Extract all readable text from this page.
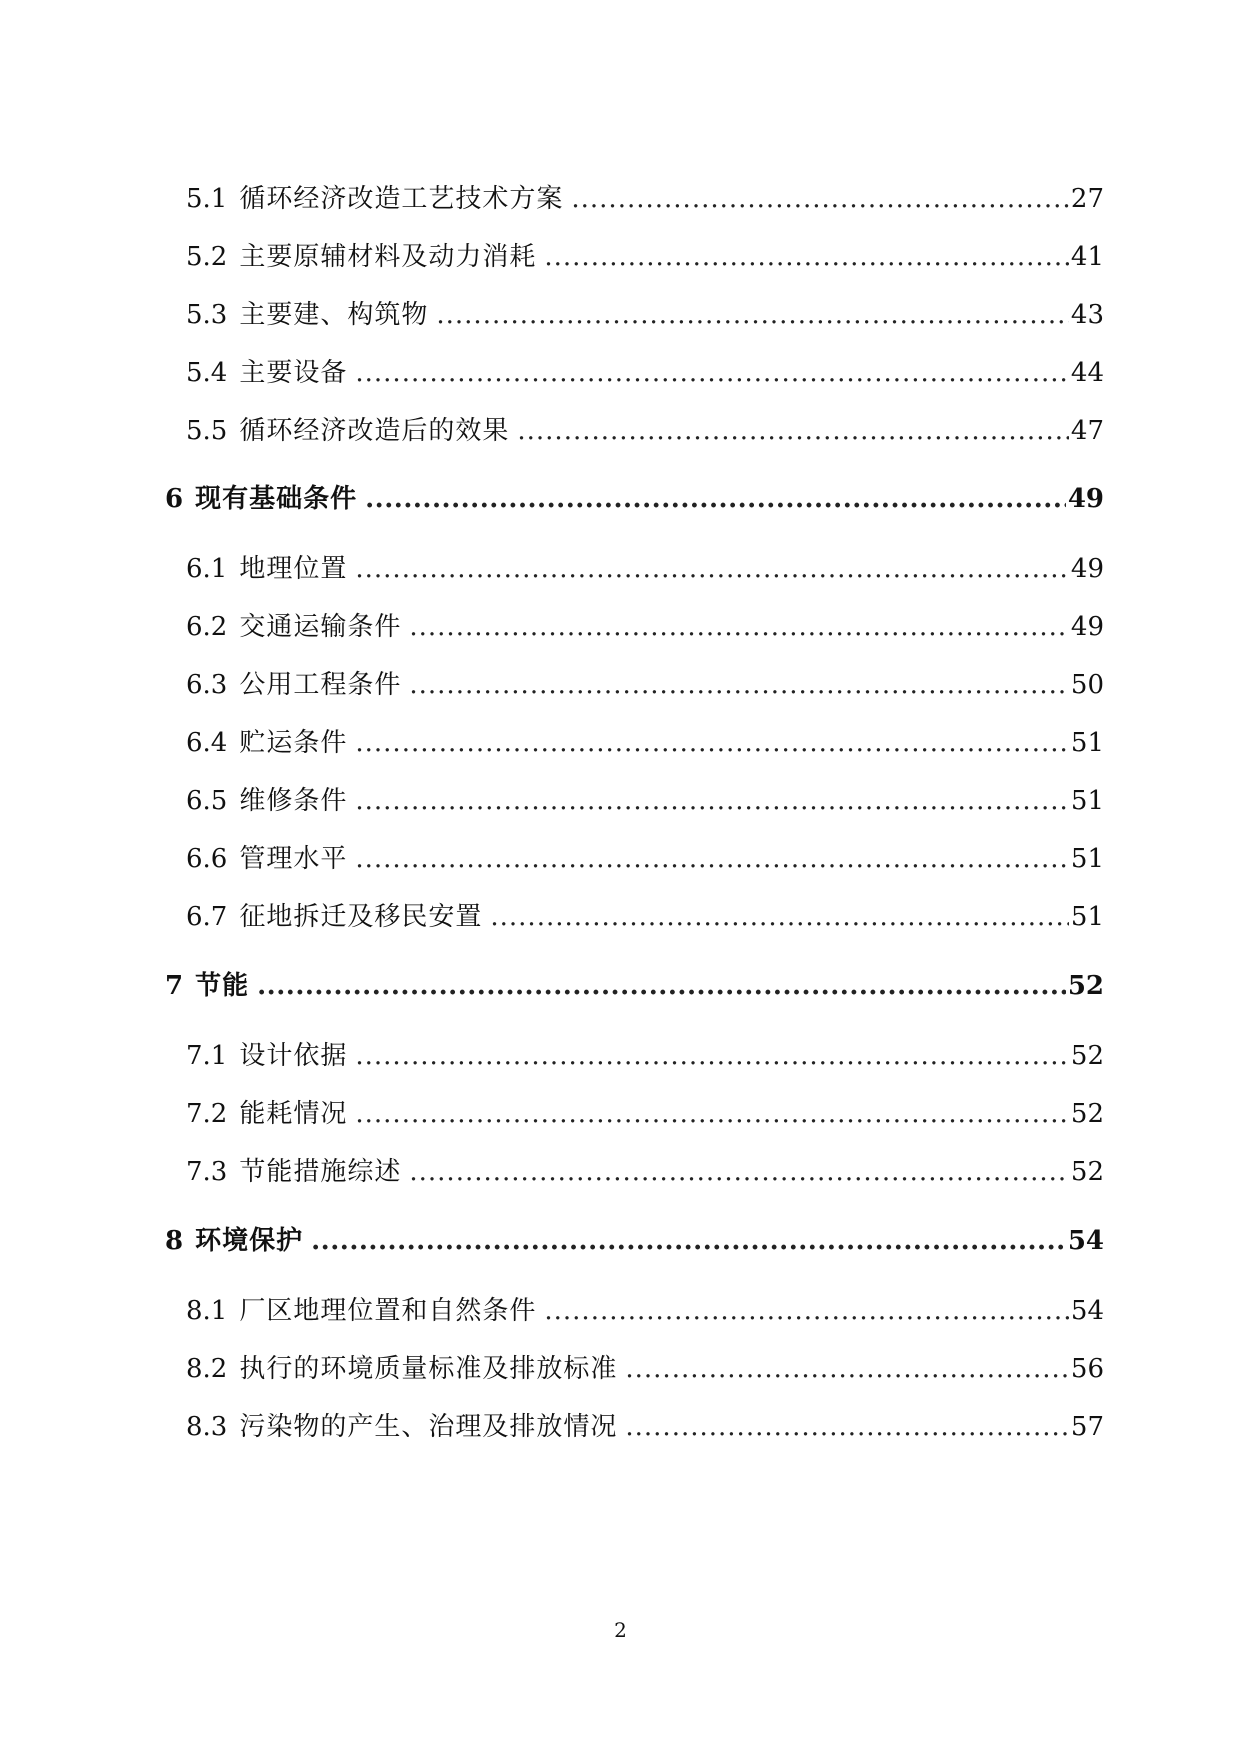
5.1 循环经济改造工艺技术方案 .....	27
5.2 主要原辅材料及动力消耗 .....	41
5.3 主要建、构筑物 .....	43
5.4 主要设备 .....	44
5.5 循环经济改造后的效果 .....	47
6 现有基础条件 .....	49
6.1 地理位置 .....	49
6.2 交通运输条件 .....	49
6.3 公用工程条件 .....	50
6.4 贮运条件 .....	51
6.5 维修条件 .....	51
6.6 管理水平 .....	51
6.7 征地拆迁及移民安置 .....	51
7 节能 .....	52
7.1 设计依据 .....	52
7.2 能耗情况 .....	52
7.3 节能措施综述 .....	52
8 环境保护 .....	54
8.1 厂区地理位置和自然条件 .....	54
8.2 执行的环境质量标准及排放标准 .....	56
8.3 污染物的产生、治理及排放情况 .....	57
2
